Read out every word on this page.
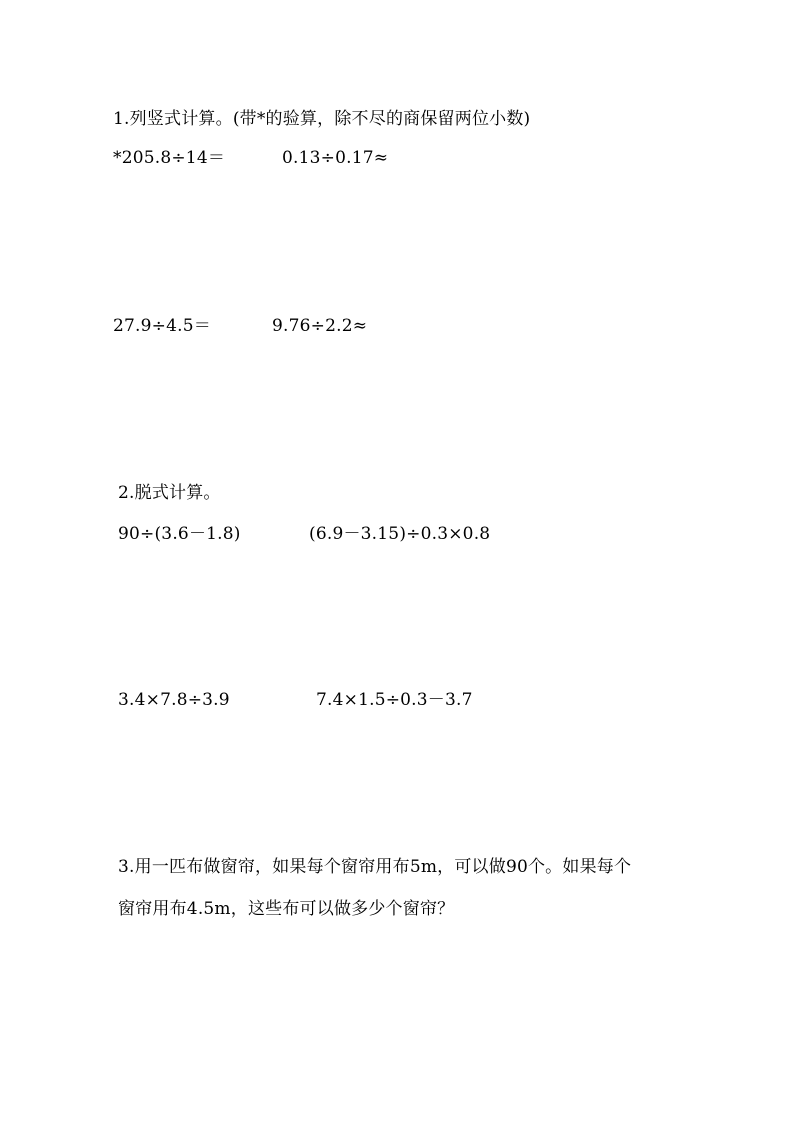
1.列竖式计算。(带*的验算，除不尽的商保留两位小数)
*205.8÷14＝	0.13÷0.17≈
27.9÷4.5＝	9.76÷2.2≈
2.脱式计算。
90÷(3.6－1.8)	(6.9－3.15)÷0.3×0.8
3.4×7.8÷3.9	7.4×1.5÷0.3－3.7
3.用一匹布做窗帘，如果每个窗帘用布5m，可以做90个。如果每个
窗帘用布4.5m，这些布可以做多少个窗帘？
